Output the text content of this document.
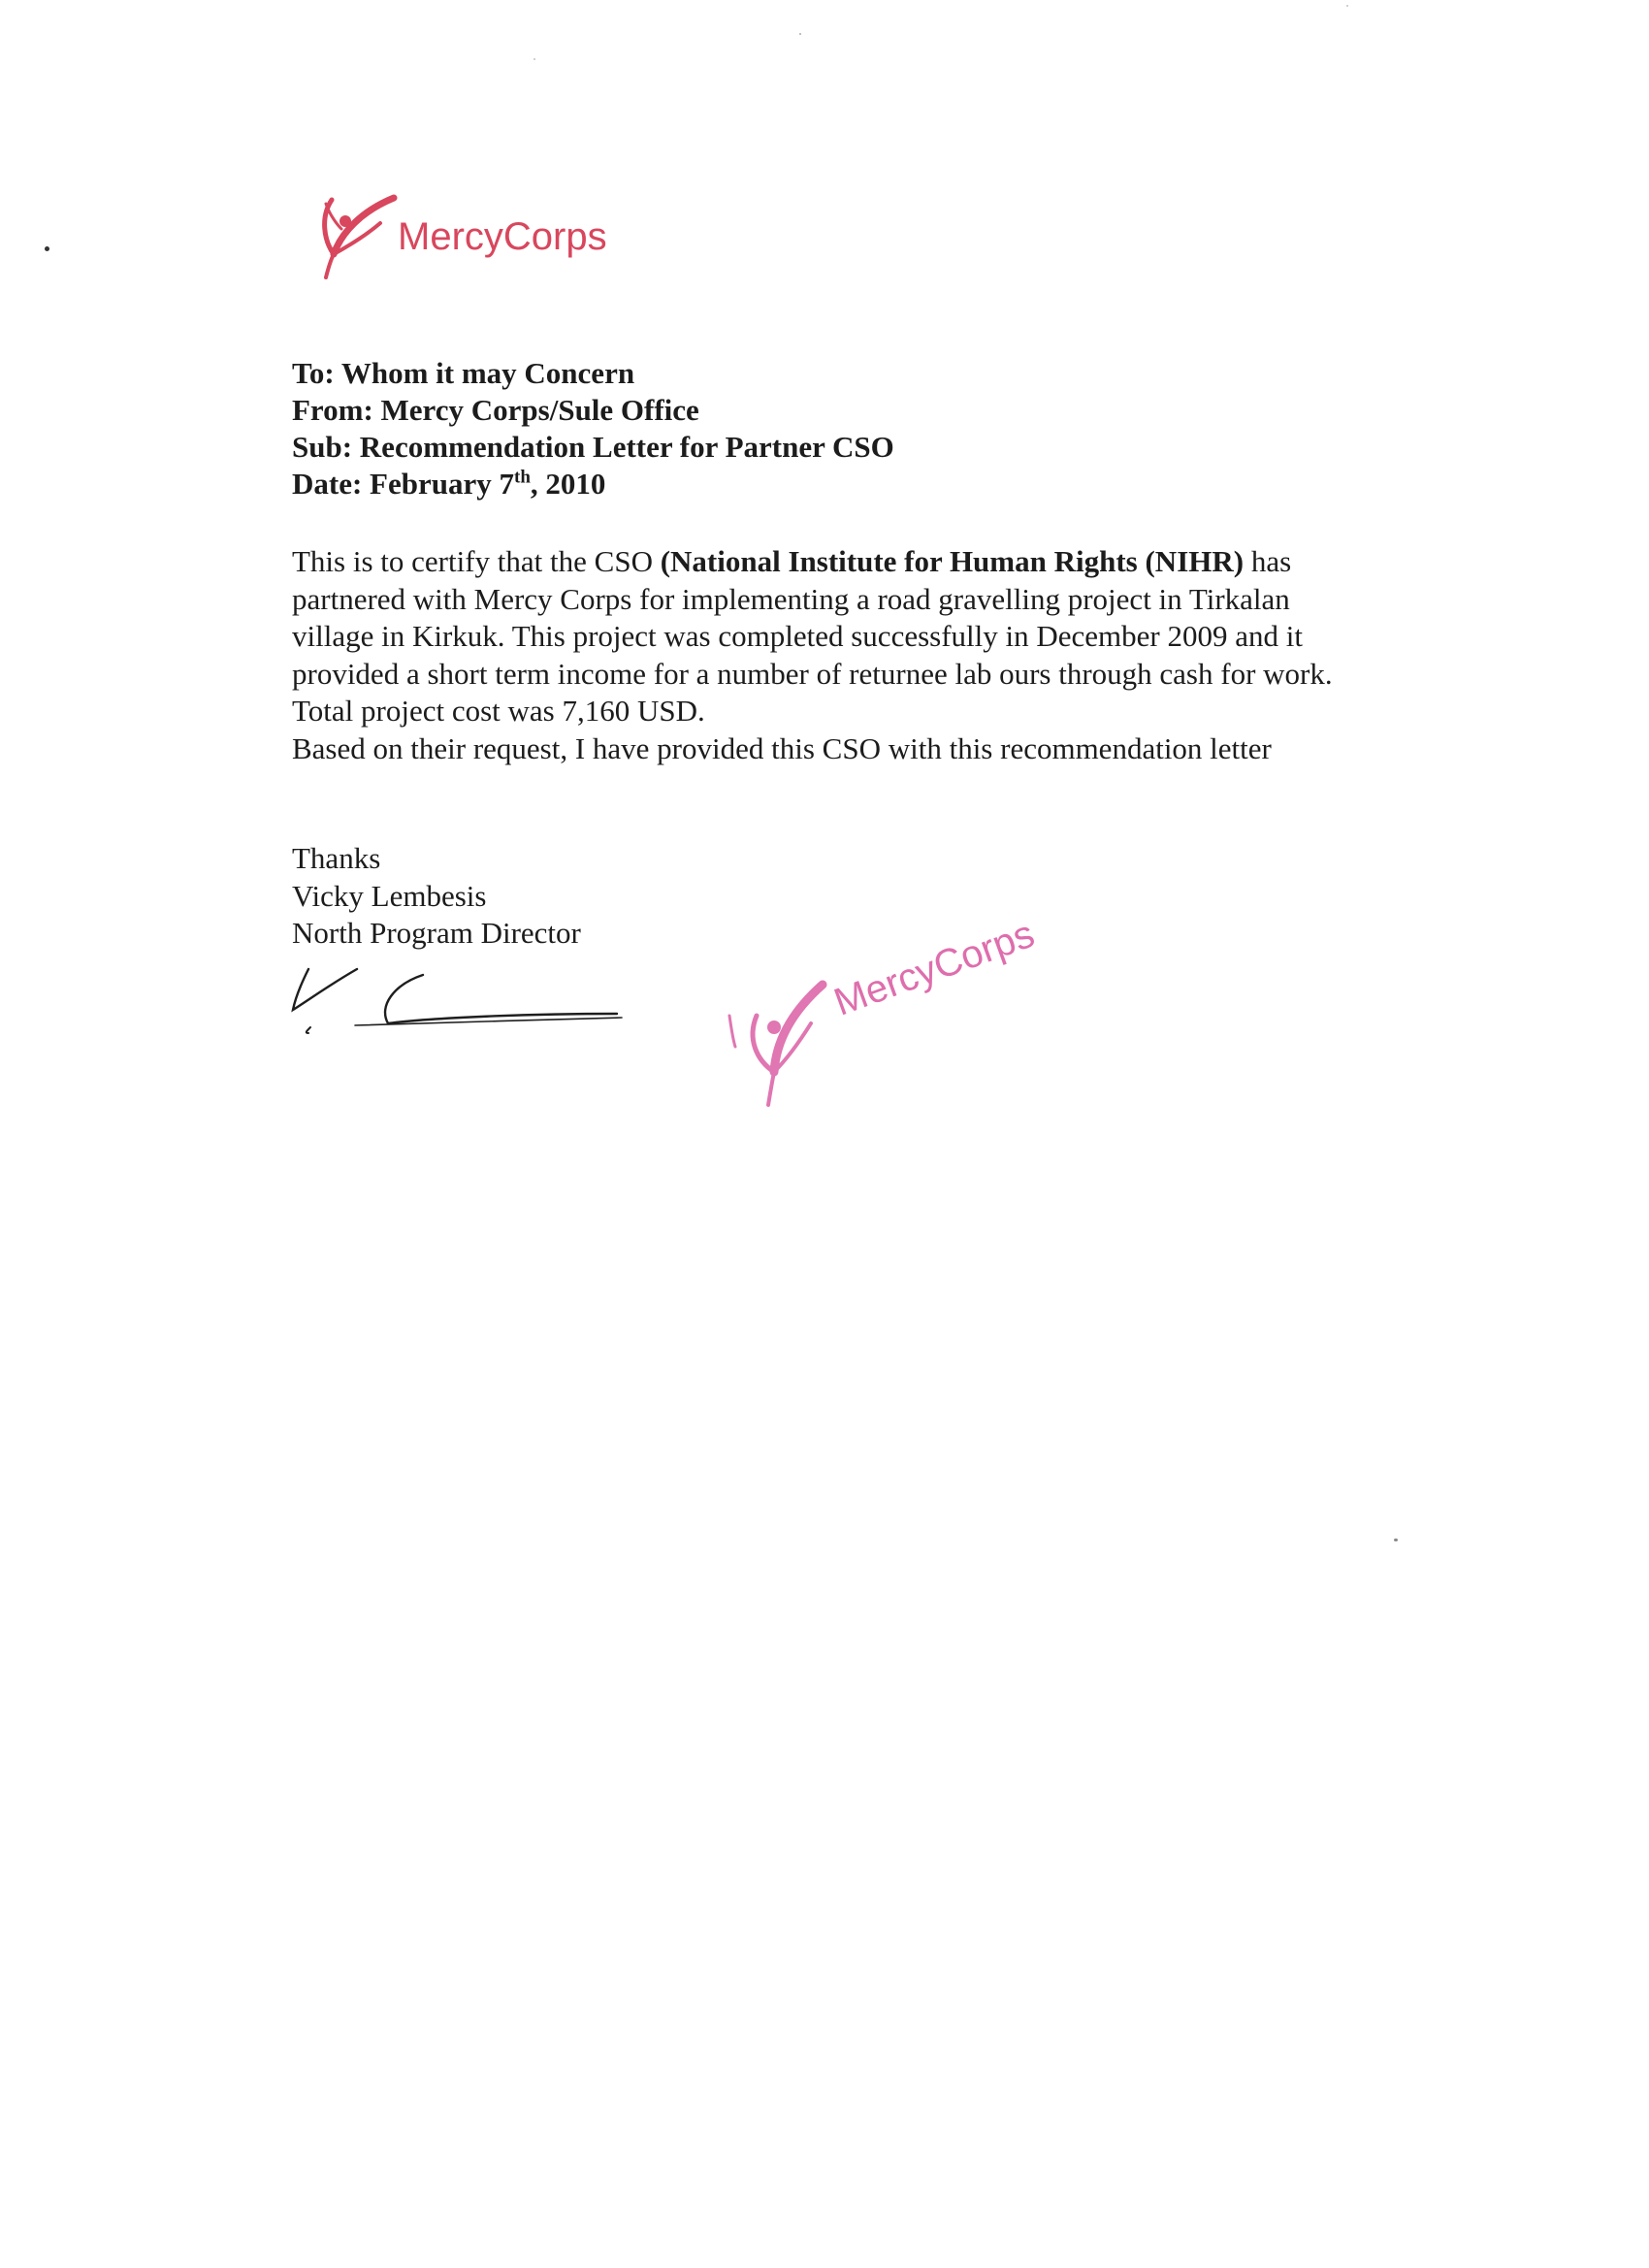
MercyCorps
To: Whom it may Concern
From: Mercy Corps/Sule Office
Sub: Recommendation Letter for Partner CSO
Date: February 7th, 2010
This is to certify that the CSO (National Institute for Human Rights (NIHR) has
partnered with Mercy Corps for implementing a road gravelling project in Tirkalan
village in Kirkuk. This project was completed successfully in December 2009 and it
provided a short term income for a number of returnee lab ours through cash for work.
Total project cost was 7,160 USD.
Based on their request, I have provided this CSO with this recommendation letter
Thanks
Vicky Lembesis
North Program Director	MercyCorps
